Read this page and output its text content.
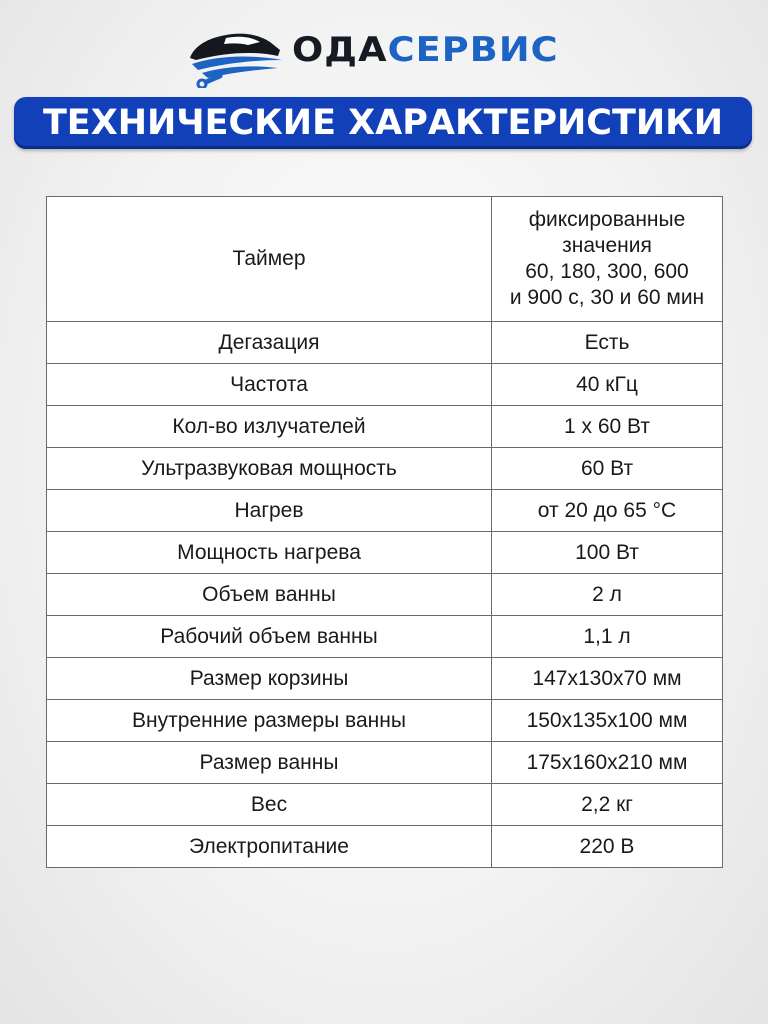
ОДАСЕРВИС
ТЕХНИЧЕСКИЕ ХАРАКТЕРИСТИКИ
Таймер	фиксированные
значения
60, 180, 300, 600
и 900 с, 30 и 60 мин

Дегазация	Есть
Частота	40 кГц
Кол-во излучателей	1 х 60 Вт
Ультразвуковая мощность	60 Вт
Нагрев	от 20 до 65 °С
Мощность нагрева	100 Вт
Объем ванны	2 л
Рабочий объем ванны	1,1 л
Размер корзины	147х130х70 мм
Внутренние размеры ванны	150х135х100 мм
Размер ванны	175х160х210 мм
Вес	2,2 кг
Электропитание	220 В
